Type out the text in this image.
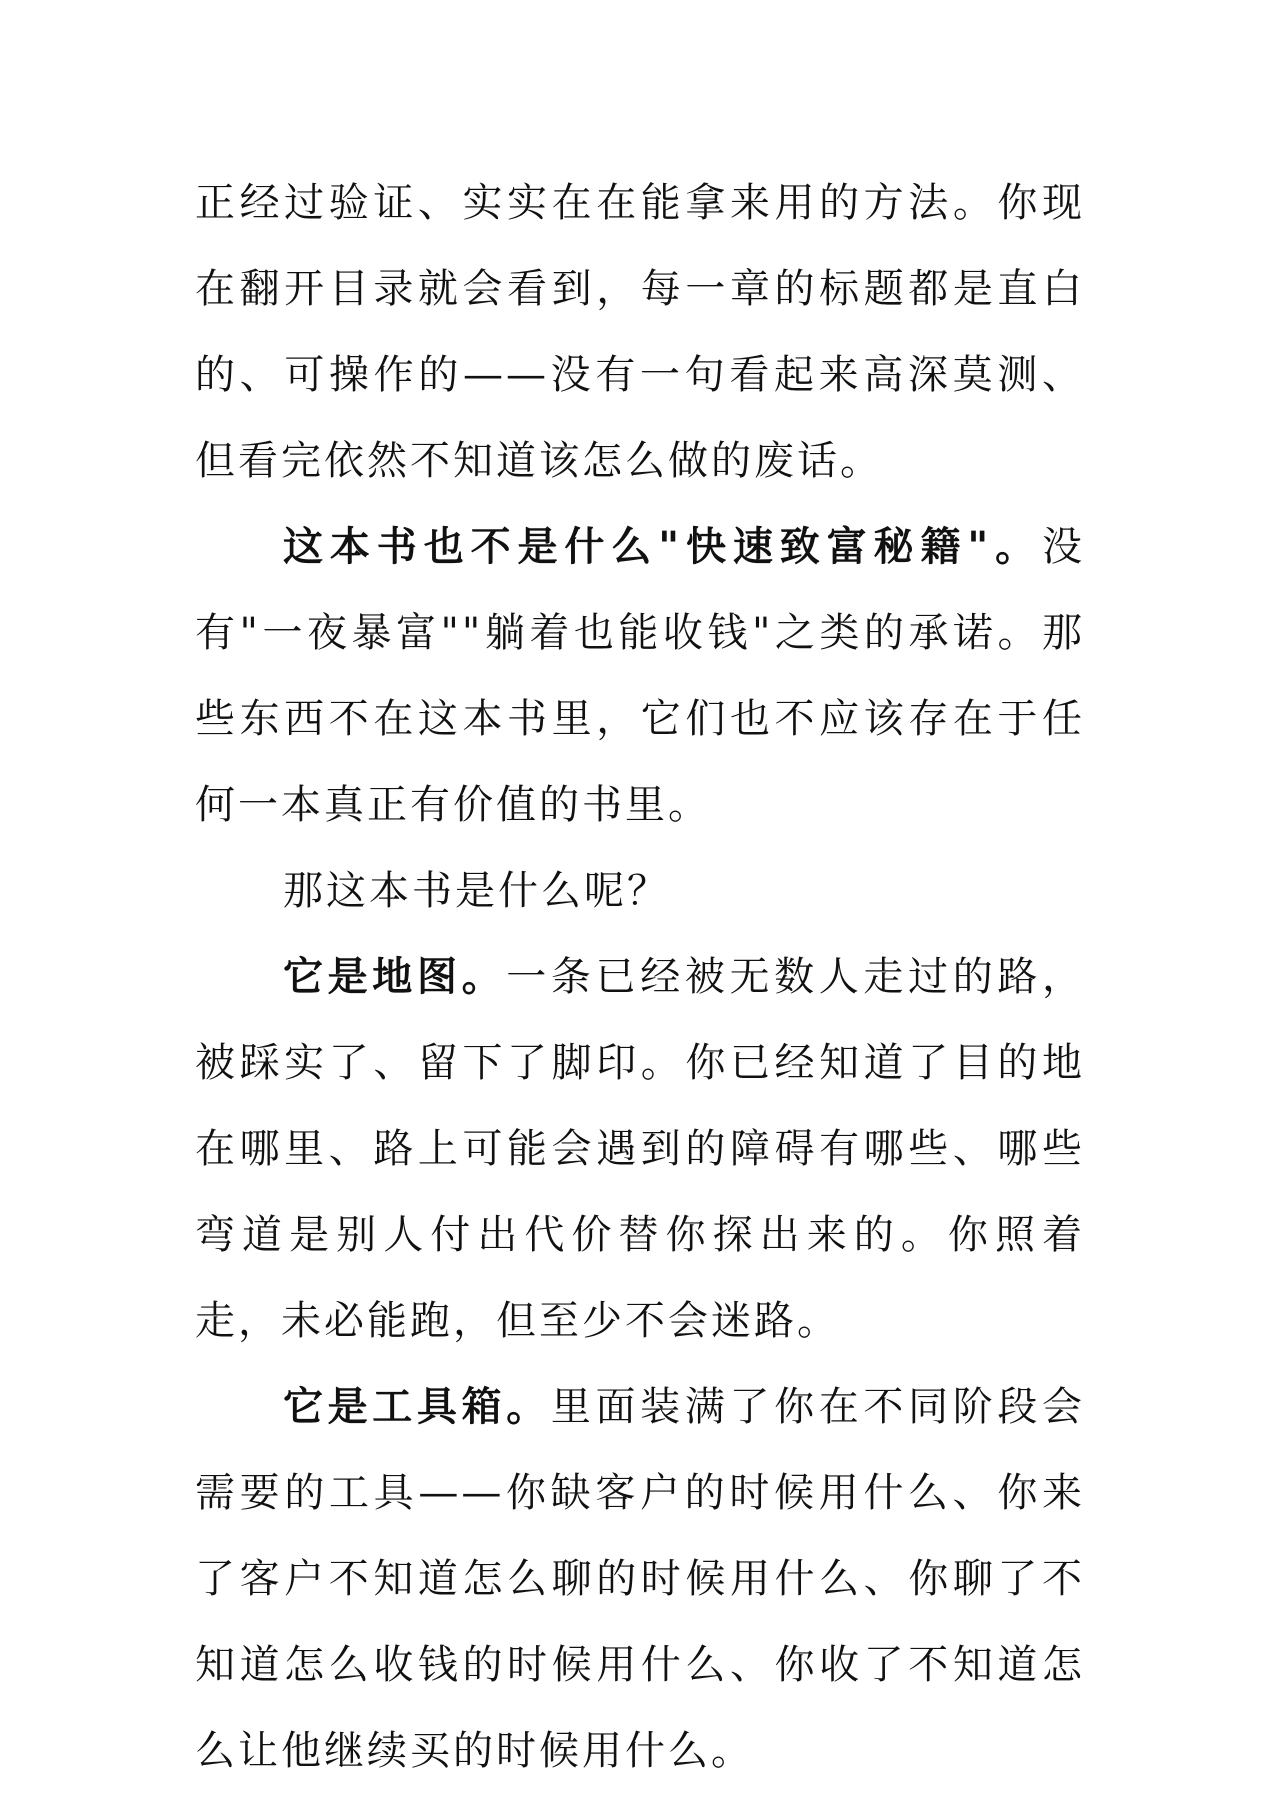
正经过验证、实实在在能拿来用的方法。你现在翻开目录就会看到，每一章的标题都是直白的、可操作的——没有一句看起来高深莫测、但看完依然不知道该怎么做的废话。

这本书也不是什么"快速致富秘籍"。没有"一夜暴富""躺着也能收钱"之类的承诺。那些东西不在这本书里，它们也不应该存在于任何一本真正有价值的书里。

那这本书是什么呢？

它是地图。一条已经被无数人走过的路，被踩实了、留下了脚印。你已经知道了目的地在哪里、路上可能会遇到的障碍有哪些、哪些弯道是别人付出代价替你探出来的。你照着走，未必能跑，但至少不会迷路。

它是工具箱。里面装满了你在不同阶段会需要的工具——你缺客户的时候用什么、你来了客户不知道怎么聊的时候用什么、你聊了不知道怎么收钱的时候用什么、你收了不知道怎么让他继续买的时候用什么。
